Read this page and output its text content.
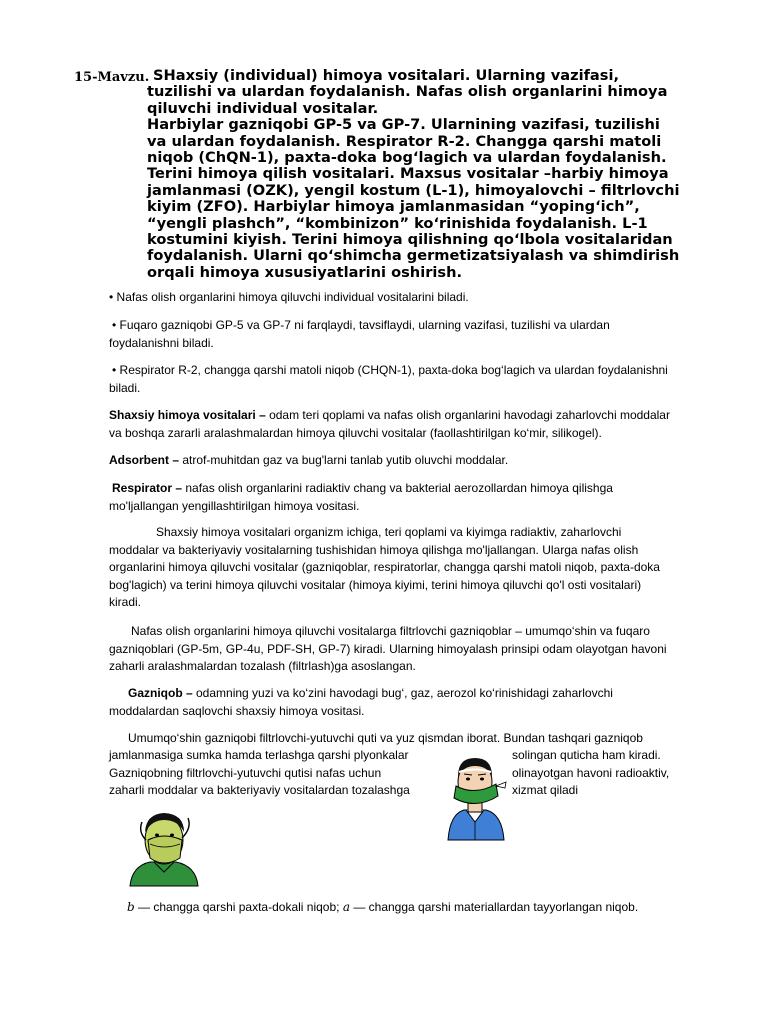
15-Mavzu. SHaxsiy (individual) himoya vositalari. Ularning vazifasi,

tuzilishi va ulardan foydalanish. Nafas olish organlarini himoya

qiluvchi individual vositalar.

Harbiylar gazniqobi GP-5 va GP-7. Ularnining vazifasi, tuzilishi

va ulardan foydalanish. Respirator R-2. Changga qarshi matoli

niqob (ChQN-1), paxta-doka bog‘lagich va ulardan foydalanish.

Terini himoya qilish vositalari. Maxsus vositalar –harbiy himoya

jamlanmasi (OZK), yengil kostum (L-1), himoyalovchi – filtrlovchi

kiyim (ZFO). Harbiylar himoya jamlanmasidan “yoping‘ich”,

“yengli plashch”, “kombinizon” ko‘rinishida foydalanish. L-1

kostumini kiyish. Terini himoya qilishning qo‘lbola vositalaridan

foydalanish. Ularni qo‘shimcha germetizatsiyalash va shimdirish

orqali himoya xususiyatlarini oshirish.

• Nafas olish organlarini himoya qiluvchi individual vositalarini biladi.

• Fuqaro gazniqobi GP-5 va GP-7 ni farqlaydi, tavsiflaydi, ularning vazifasi, tuzilishi va ulardan

foydalanishni biladi.

• Respirator R-2, changga qarshi matoli niqob (CHQN-1), paxta-doka bog‘lagich va ulardan foydalanishni

biladi.

Shaxsiy himoya vositalari – odam teri qoplami va nafas olish organlarini havodagi zaharlovchi moddalar

va boshqa zararli aralashmalardan himoya qiluvchi vositalar (faollashtirilgan ko‘mir, silikogel).

Adsorbent – atrof-muhitdan gaz va bug'larni tanlab yutib oluvchi moddalar.

Respirator – nafas olish organlarini radiaktiv chang va bakterial aerozollardan himoya qilishga

mo'ljallangan yengillashtirilgan himoya vositasi.

Shaxsiy himoya vositalari organizm ichiga, teri qoplami va kiyimga radiaktiv, zaharlovchi

moddalar va bakteriyaviy vositalarning tushishidan himoya qilishga mo'ljallangan. Ularga nafas olish

organlarini himoya qiluvchi vositalar (gazniqoblar, respiratorlar, changga qarshi matoli niqob, paxta-doka

bog'lagich) va terini himoya qiluvchi vositalar (himoya kiyimi, terini himoya qiluvchi qo'l osti vositalari)

kiradi.

Nafas olish organlarini himoya qiluvchi vositalarga filtrlovchi gazniqoblar – umumqo‘shin va fuqaro

gazniqoblari (GP-5m, GP-4u, PDF-SH, GP-7) kiradi. Ularning himoyalash prinsipi odam olayotgan havoni

zaharli aralashmalardan tozalash (filtrlash)ga asoslangan.

Gazniqob – odamning yuzi va ko‘zini havodagi bug‘, gaz, aerozol ko‘rinishidagi zaharlovchi

moddalardan saqlovchi shaxsiy himoya vositasi.

Umumqo‘shin gazniqobi filtrlovchi-yutuvchi quti va yuz qismdan iborat. Bundan tashqari gazniqob

jamlanmasiga sumka hamda terlashga qarshi plyonkalar
Gazniqobning filtrlovchi-yutuvchi qutisi nafas uchun
zaharli moddalar va bakteriyaviy vositalardan tozalashga
solingan quticha ham kiradi.
olinayotgan havoni radioaktiv,
xizmat qiladi
b — changga qarshi paxta-dokali niqob; a — changga qarshi materiallardan tayyorlangan niqob.
